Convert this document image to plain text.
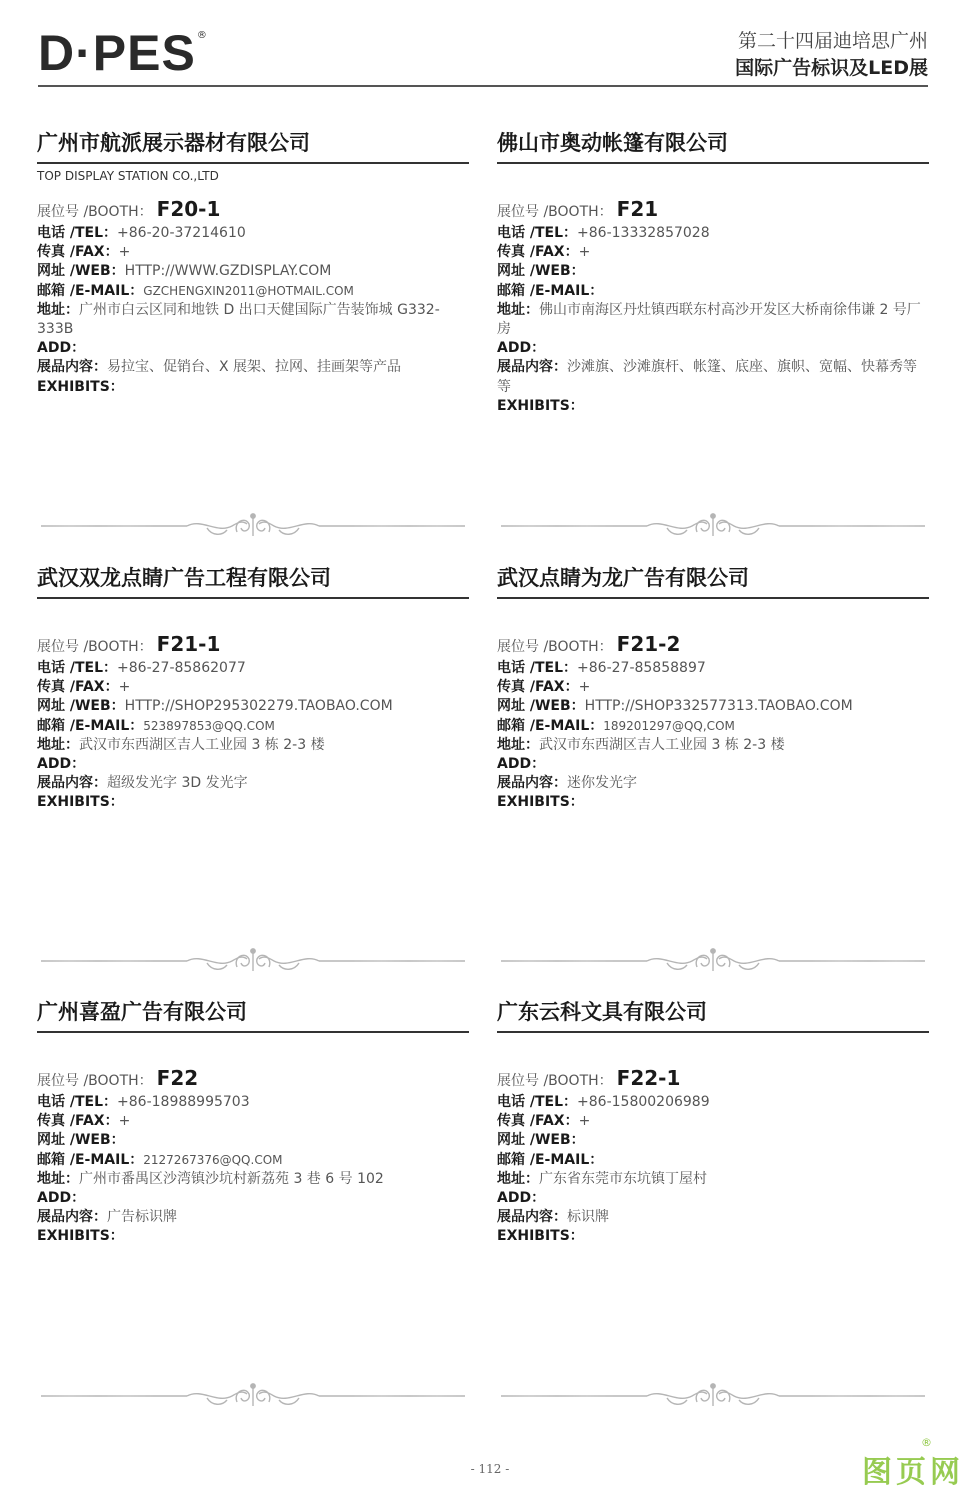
D·PES ®	第二十四届迪培思广州
国际广告标识及LED展
广州市航派展示器材有限公司
TOP DISPLAY STATION CO.,LTD
展位号 /BOOTH： F20-1
电话 /TEL：+86-20-37214610
传真 /FAX：+
网址 /WEB：HTTP://WWW.GZDISPLAY.COM
邮箱 /E-MAIL：GZCHENGXIN2011@HOTMAIL.COM
地址：广州市白云区同和地铁 D 出口天健国际广告装饰城 G332-333B
ADD：
展品内容：易拉宝、促销台、X 展架、拉网、挂画架等产品
EXHIBITS：
佛山市奥动帐篷有限公司
展位号 /BOOTH： F21
电话 /TEL：+86-13332857028
传真 /FAX：+
网址 /WEB：
邮箱 /E-MAIL：
地址：佛山市南海区丹灶镇西联东村高沙开发区大桥南徐伟谦 2 号厂房
ADD：
展品内容：沙滩旗、沙滩旗杆、帐篷、底座、旗帜、宽幅、快幕秀等等
EXHIBITS：
武汉双龙点睛广告工程有限公司
展位号 /BOOTH： F21-1
电话 /TEL：+86-27-85862077
传真 /FAX：+
网址 /WEB：HTTP://SHOP295302279.TAOBAO.COM
邮箱 /E-MAIL：523897853@QQ.COM
地址：武汉市东西湖区吉人工业园 3 栋 2-3 楼
ADD：
展品内容：超级发光字 3D 发光字
EXHIBITS：
武汉点睛为龙广告有限公司
展位号 /BOOTH： F21-2
电话 /TEL：+86-27-85858897
传真 /FAX：+
网址 /WEB：HTTP://SHOP332577313.TAOBAO.COM
邮箱 /E-MAIL：189201297@QQ,COM
地址：武汉市东西湖区吉人工业园 3 栋 2-3 楼
ADD：
展品内容：迷你发光字
EXHIBITS：
广州喜盈广告有限公司
展位号 /BOOTH： F22
电话 /TEL：+86-18988995703
传真 /FAX：+
网址 /WEB：
邮箱 /E-MAIL：2127267376@QQ.COM
地址：广州市番禺区沙湾镇沙坑村新荔苑 3 巷 6 号 102
ADD：
展品内容：广告标识牌
EXHIBITS：
广东云科文具有限公司
展位号 /BOOTH： F22-1
电话 /TEL：+86-15800206989
传真 /FAX：+
网址 /WEB：
邮箱 /E-MAIL：
地址：广东省东莞市东坑镇丁屋村
ADD：
展品内容：标识牌
EXHIBITS：
- 112 -
®
图页网
